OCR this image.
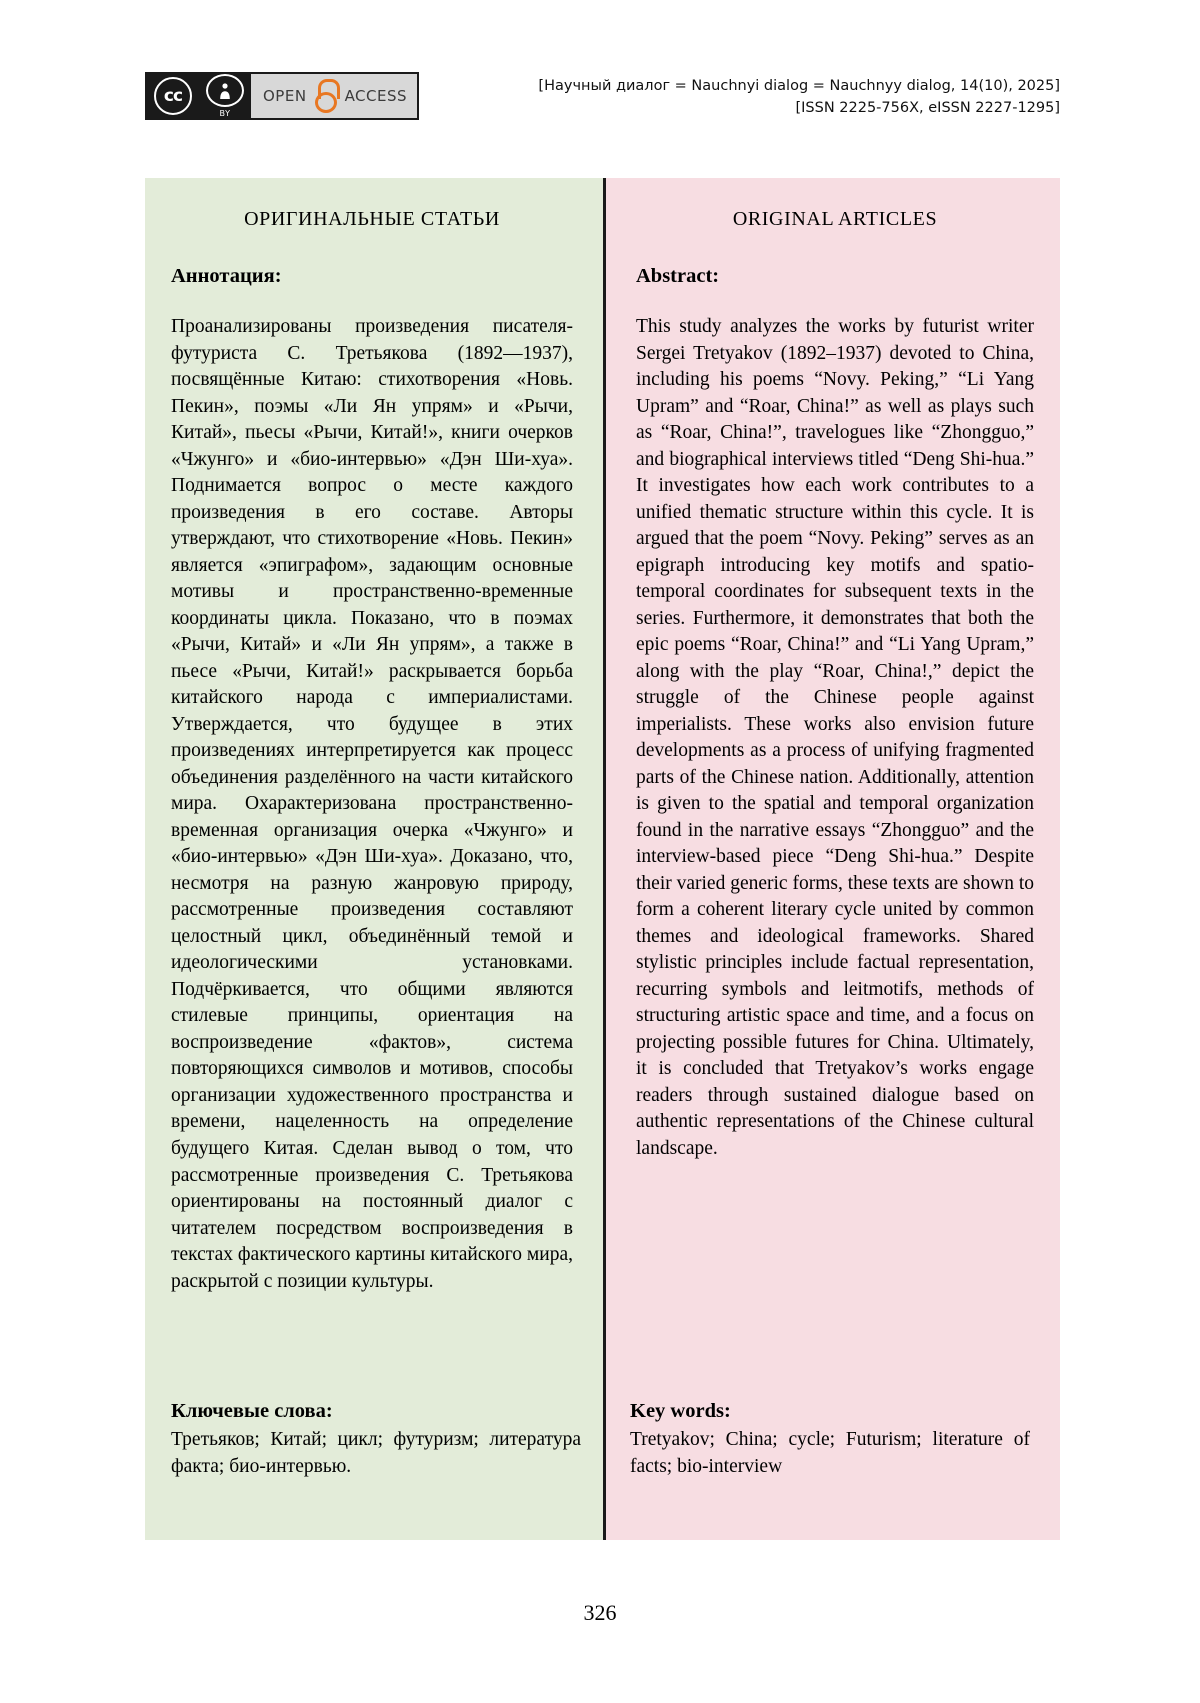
cc
BY
OPEN	ACCESS
[Научный диалог = Nauchnyi dialog = Nauchnyy dialog, 14(10), 2025]
[ISSN 2225-756X, eISSN 2227-1295]
ОРИГИНАЛЬНЫЕ СТАТЬИ
Аннотация:
Проанализированы произведения писателя-футуриста С. Третьякова (1892—1937), посвящённые Китаю: стихотворения «Новь. Пекин», поэмы «Ли Ян упрям» и «Рычи, Китай», пьесы «Рычи, Китай!», книги очерков «Чжунго» и «био-интервью» «Дэн Ши-хуа». Поднимается вопрос о месте каждого произведения в его составе. Авторы утверждают, что стихотворение «Новь. Пекин» является «эпиграфом», задающим основные мотивы и пространственно-временные координаты цикла. Показано, что в поэмах «Рычи, Китай» и «Ли Ян упрям», а также в пьесе «Рычи, Китай!» раскрывается борьба китайского народа с империалистами. Утверждается, что будущее в этих произведениях интерпретируется как процесс объединения разделённого на части китайского мира. Охарактеризована пространственно-временная организация очерка «Чжунго» и «био-интервью» «Дэн Ши-хуа». Доказано, что, несмотря на разную жанровую природу, рассмотренные произведения составляют целостный цикл, объединённый темой и идеологическими установками. Подчёркивается, что общими являются стилевые принципы, ориентация на воспроизведение «фактов», система повторяющихся символов и мотивов, способы организации художественного пространства и времени, нацеленность на определение будущего Китая. Сделан вывод о том, что рассмотренные произведения С. Третьякова ориентированы на постоянный диалог с читателем посредством воспроизведения в текстах фактического картины китайского мира, раскрытой с позиции культуры.
ORIGINAL ARTICLES
Abstract:
This study analyzes the works by futurist writer Sergei Tretyakov (1892–1937) devoted to China, including his poems “Novy. Peking,” “Li Yang Upram” and “Roar, China!” as well as plays such as “Roar, China!”, travelogues like “Zhongguo,” and biographical interviews titled “Deng Shi-hua.” It investigates how each work contributes to a unified thematic structure within this cycle. It is argued that the poem “Novy. Peking” serves as an epigraph introducing key motifs and spatio-temporal coordinates for subsequent texts in the series. Furthermore, it demonstrates that both the epic poems “Roar, China!” and “Li Yang Upram,” along with the play “Roar, China!,” depict the struggle of the Chinese people against imperialists. These works also envision future developments as a process of unifying fragmented parts of the Chinese nation. Additionally, attention is given to the spatial and temporal organization found in the narrative essays “Zhongguo” and the interview-based piece “Deng Shi-hua.” Despite their varied generic forms, these texts are shown to form a coherent literary cycle united by common themes and ideological frameworks. Shared stylistic principles include factual representation, recurring symbols and leitmotifs, methods of structuring artistic space and time, and a focus on projecting possible futures for China. Ultimately, it is concluded that Tretyakov’s works engage readers through sustained dialogue based on authentic representations of the Chinese cultural landscape.
Ключевые слова:
Третьяков; Китай; цикл; футуризм; литература факта; био-интервью.
Key words:
Tretyakov; China; cycle; Futurism; literature of facts; bio-interview
326
